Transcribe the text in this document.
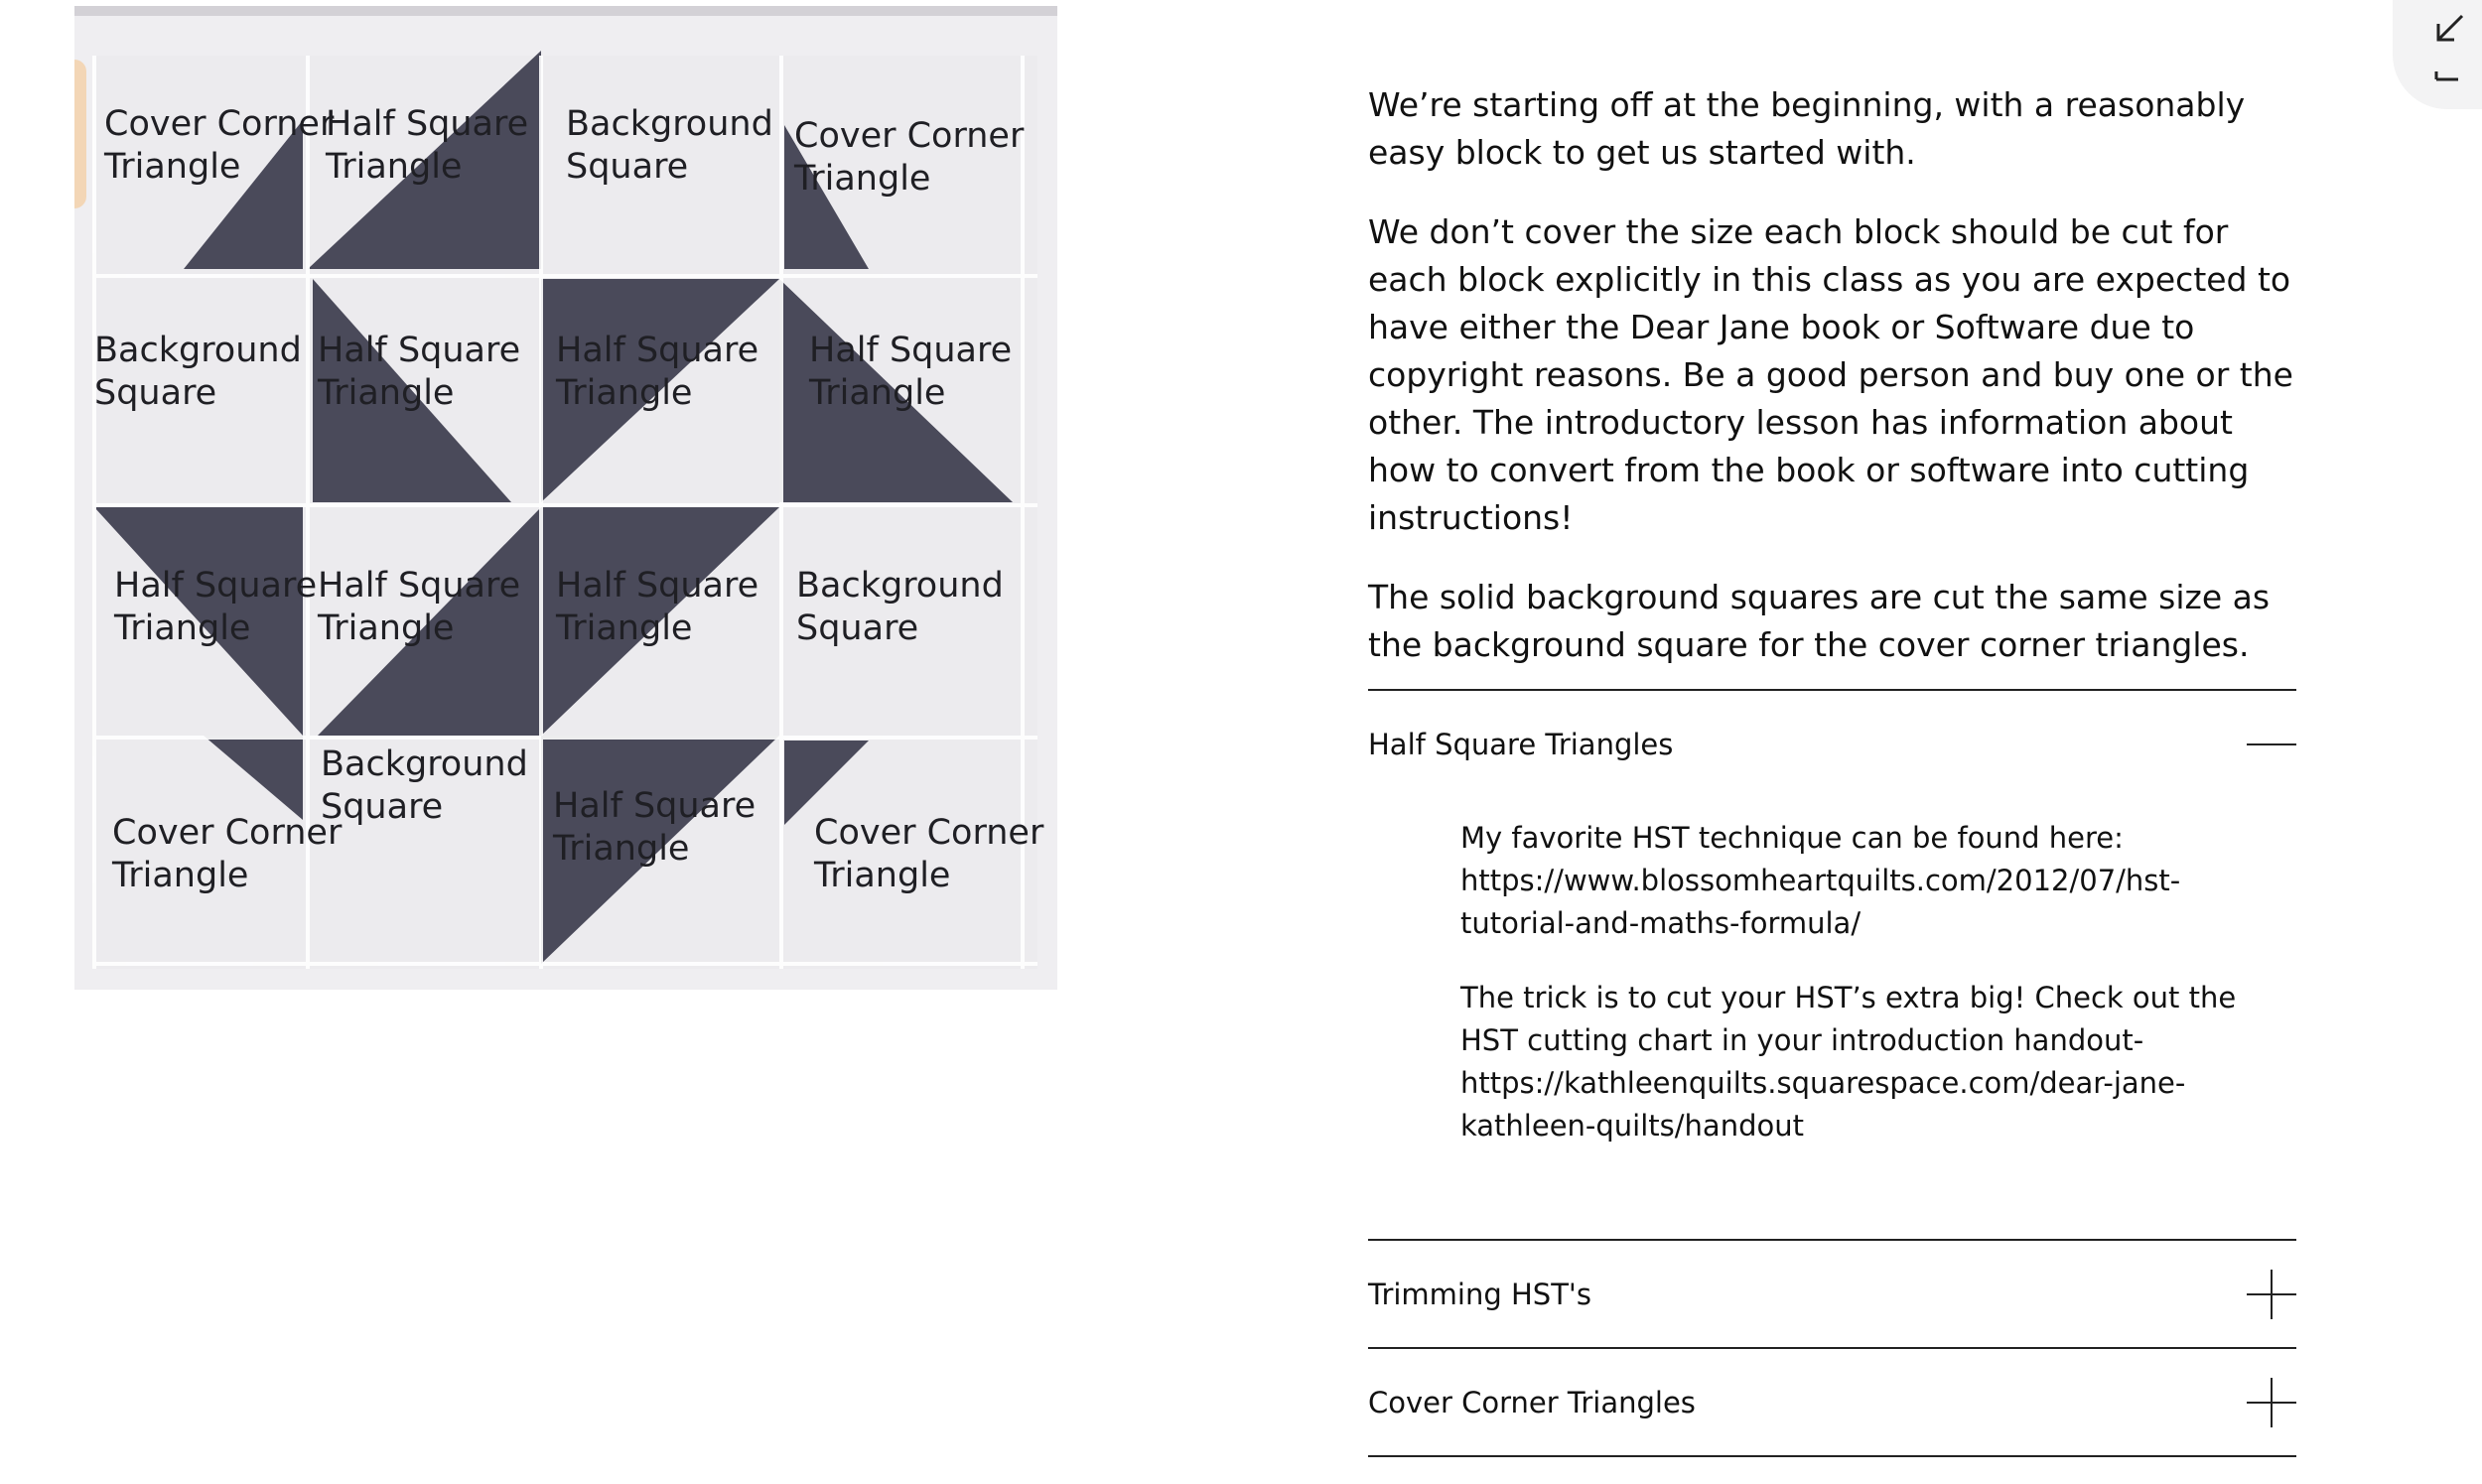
Cover Corner
Triangle
Half Square
Triangle
Background
Square
Cover Corner
Triangle
Background
Square
Half Square
Triangle
Half Square
Triangle
Half Square
Triangle
Half Square
Triangle
Half Square
Triangle
Half Square
Triangle
Background
Square
Cover Corner
Triangle
Background
Square	Half Square
Triangle	Cover Corner
Triangle

We’re starting off at the beginning, with a reasonably easy block to get us started with.

We don’t cover the size each block should be cut for each block explicitly in this class as you are expected to have either the Dear Jane book or Software due to copyright reasons. Be a good person and buy one or the other. The introductory lesson has information about how to convert from the book or software into cutting instructions!

The solid background squares are cut the same size as the background square for the cover corner triangles.

Half Square Triangles

My favorite HST technique can be found here: https://www.blossomheartquilts.com/2012/07/hst-tutorial-and-maths-formula/

The trick is to cut your HST’s extra big! Check out the HST cutting chart in your introduction handout- https://kathleenquilts.squarespace.com/dear-jane-kathleen-quilts/handout

Trimming HST's
Cover Corner Triangles
